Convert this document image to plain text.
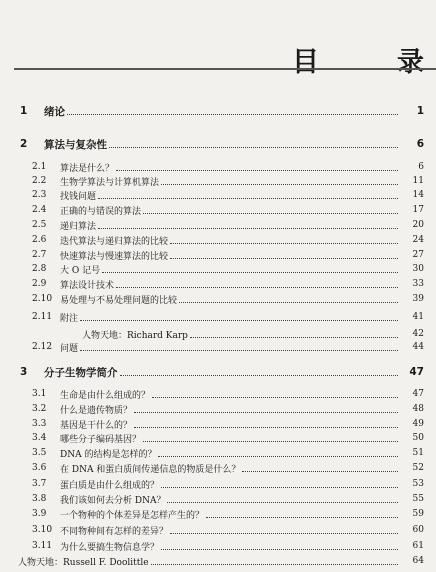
目	录
1 绪论	1
2 算法与复杂性	6
2.1 算法是什么？	6
2.2 生物学算法与计算机算法	11
2.3 找钱问题	14
2.4 正确的与错误的算法	17
2.5 递归算法	20
2.6 迭代算法与递归算法的比较	24
2.7 快速算法与慢速算法的比较	27
2.8 大 O 记号	30
2.9 算法设计技术	33
2.10 易处理与不易处理问题的比较	39
2.11 附注	41
人物天地：Richard Karp	42
2.12 问题	44
3 分子生物学简介	47
3.1 生命是由什么组成的？	47
3.2 什么是遗传物质？	48
3.3 基因是干什么的？	49
3.4 哪些分子编码基因？	50
3.5 DNA 的结构是怎样的？	51
3.6 在 DNA 和蛋白质间传递信息的物质是什么？	52
3.7 蛋白质是由什么组成的？	53
3.8 我们该如何去分析 DNA？	55
3.9 一个物种的个体差异是怎样产生的？	59
3.10 不同物种间有怎样的差异？	60
3.11 为什么要搞生物信息学？	61
人物天地：Russell F. Doolittle	64
